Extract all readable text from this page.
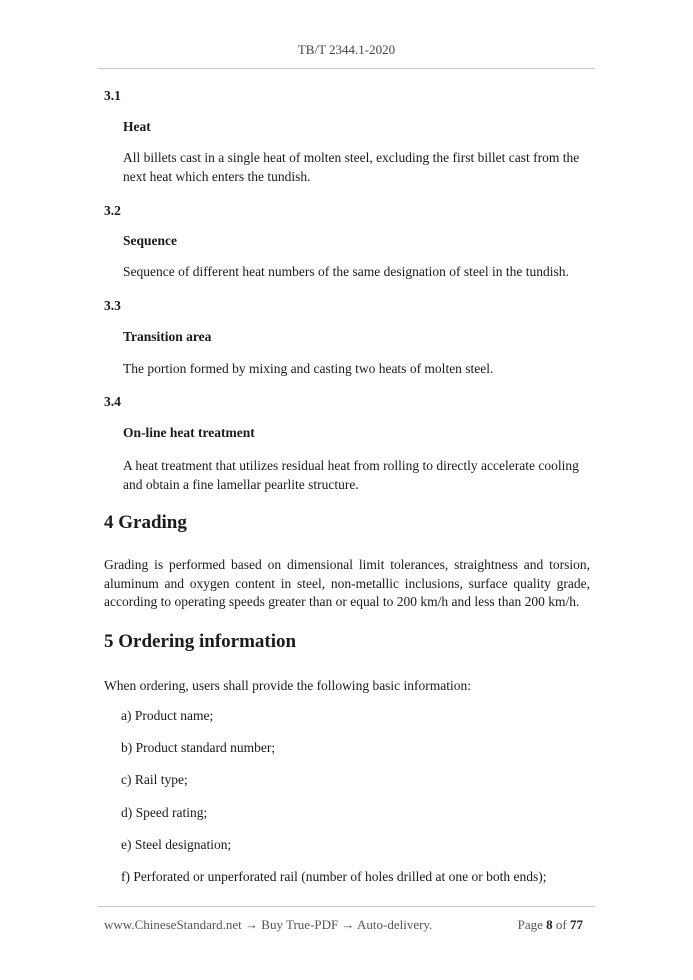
TB/T 2344.1-2020
3.1
Heat
All billets cast in a single heat of molten steel, excluding the first billet cast from the next heat which enters the tundish.
3.2
Sequence
Sequence of different heat numbers of the same designation of steel in the tundish.
3.3
Transition area
The portion formed by mixing and casting two heats of molten steel.
3.4
On-line heat treatment
A heat treatment that utilizes residual heat from rolling to directly accelerate cooling and obtain a fine lamellar pearlite structure.
4 Grading
Grading is performed based on dimensional limit tolerances, straightness and torsion, aluminum and oxygen content in steel, non-metallic inclusions, surface quality grade, according to operating speeds greater than or equal to 200 km/h and less than 200 km/h.
5 Ordering information
When ordering, users shall provide the following basic information:
a) Product name;
b) Product standard number;
c) Rail type;
d) Speed rating;
e) Steel designation;
f) Perforated or unperforated rail (number of holes drilled at one or both ends);
www.ChineseStandard.net → Buy True-PDF → Auto-delivery.	Page 8 of 77
